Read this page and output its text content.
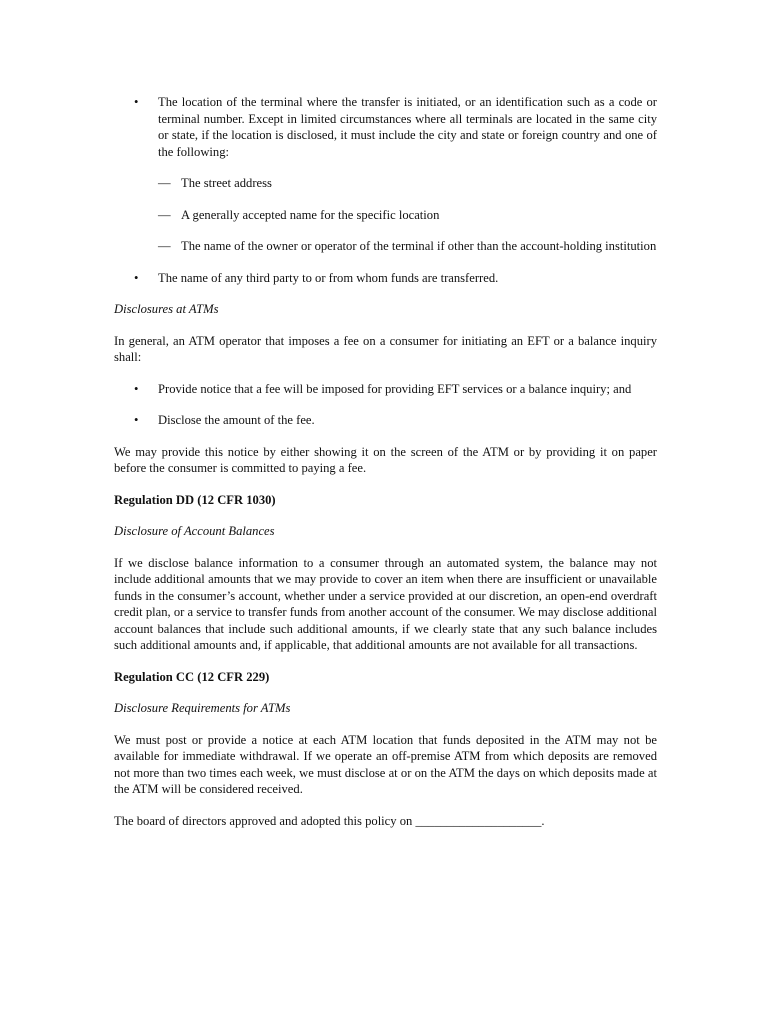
• The location of the terminal where the transfer is initiated, or an identification such as a code or terminal number. Except in limited circumstances where all terminals are located in the same city or state, if the location is disclosed, it must include the city and state or foreign country and one of the following:
— The street address
— A generally accepted name for the specific location
— The name of the owner or operator of the terminal if other than the account-holding institution
• The name of any third party to or from whom funds are transferred.

Disclosures at ATMs

In general, an ATM operator that imposes a fee on a consumer for initiating an EFT or a balance inquiry shall:

• Provide notice that a fee will be imposed for providing EFT services or a balance inquiry; and
• Disclose the amount of the fee.

We may provide this notice by either showing it on the screen of the ATM or by providing it on paper before the consumer is committed to paying a fee.

Regulation DD (12 CFR 1030)

Disclosure of Account Balances

If we disclose balance information to a consumer through an automated system, the balance may not include additional amounts that we may provide to cover an item when there are insufficient or unavailable funds in the consumer’s account, whether under a service provided at our discretion, an open-end overdraft credit plan, or a service to transfer funds from another account of the consumer. We may disclose additional account balances that include such additional amounts, if we clearly state that any such balance includes such additional amounts and, if applicable, that additional amounts are not available for all transactions.

Regulation CC (12 CFR 229)

Disclosure Requirements for ATMs

We must post or provide a notice at each ATM location that funds deposited in the ATM may not be available for immediate withdrawal. If we operate an off-premise ATM from which deposits are removed not more than two times each week, we must disclose at or on the ATM the days on which deposits made at the ATM will be considered received.

The board of directors approved and adopted this policy on ____________________.
